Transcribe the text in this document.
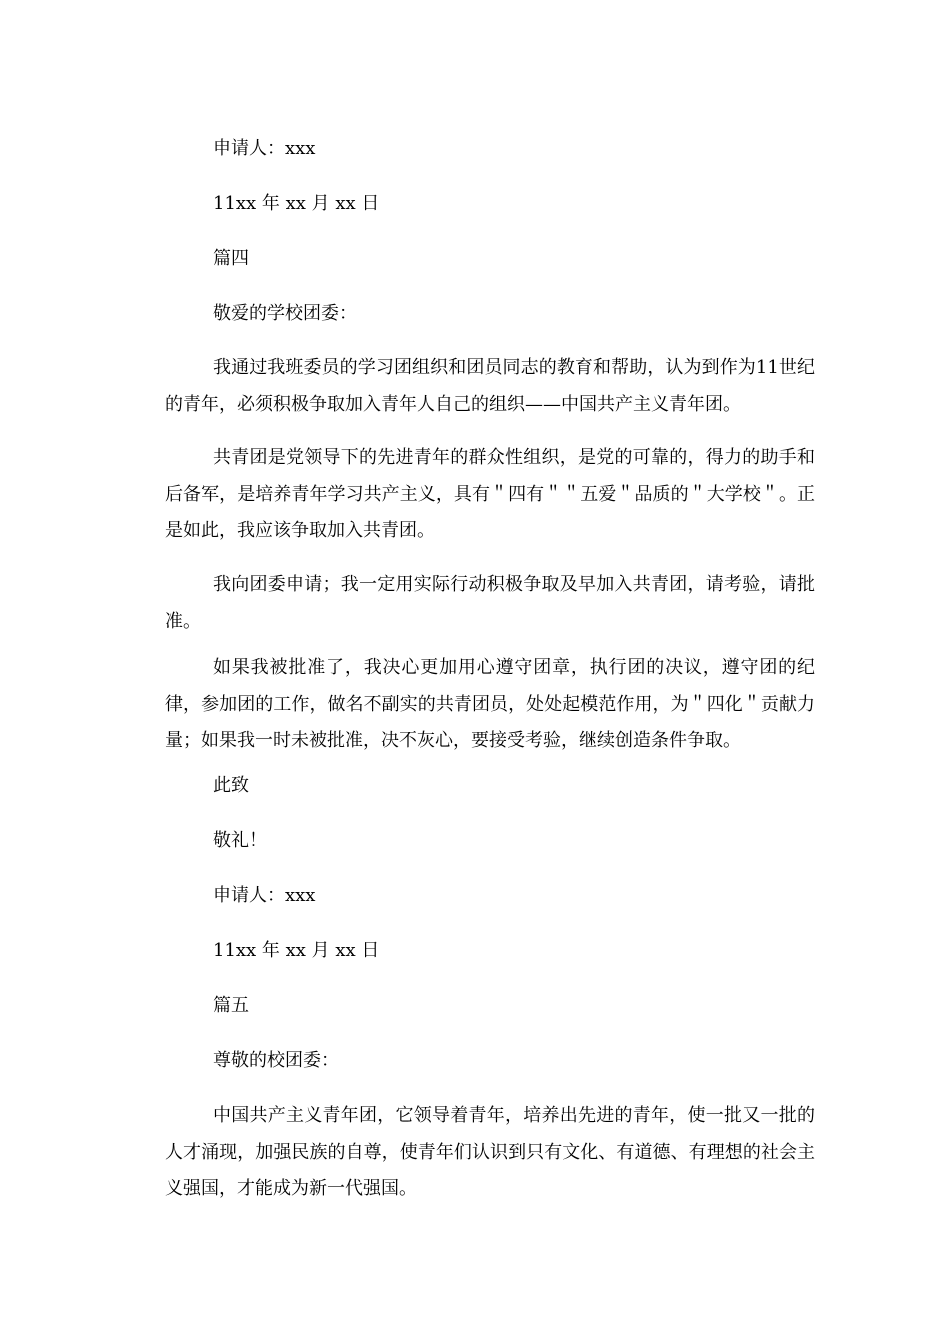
申请人：xxx

11xx 年 xx 月 xx 日

篇四

敬爱的学校团委：

我通过我班委员的学习团组织和团员同志的教育和帮助，认为到作为11世纪的青年，必须积极争取加入青年人自己的组织——中国共产主义青年团。

共青团是党领导下的先进青年的群众性组织，是党的可靠的，得力的助手和后备军，是培养青年学习共产主义，具有＂四有＂＂五爱＂品质的＂大学校＂。正是如此，我应该争取加入共青团。

我向团委申请；我一定用实际行动积极争取及早加入共青团，请考验，请批准。

如果我被批准了，我决心更加用心遵守团章，执行团的决议，遵守团的纪律，参加团的工作，做名不副实的共青团员，处处起模范作用，为＂四化＂贡献力量；如果我一时未被批准，决不灰心，要接受考验，继续创造条件争取。

此致

敬礼！

申请人：xxx

11xx 年 xx 月 xx 日

篇五

尊敬的校团委：

中国共产主义青年团，它领导着青年，培养出先进的青年，使一批又一批的人才涌现，加强民族的自尊，使青年们认识到只有文化、有道德、有理想的社会主义强国，才能成为新一代强国。
